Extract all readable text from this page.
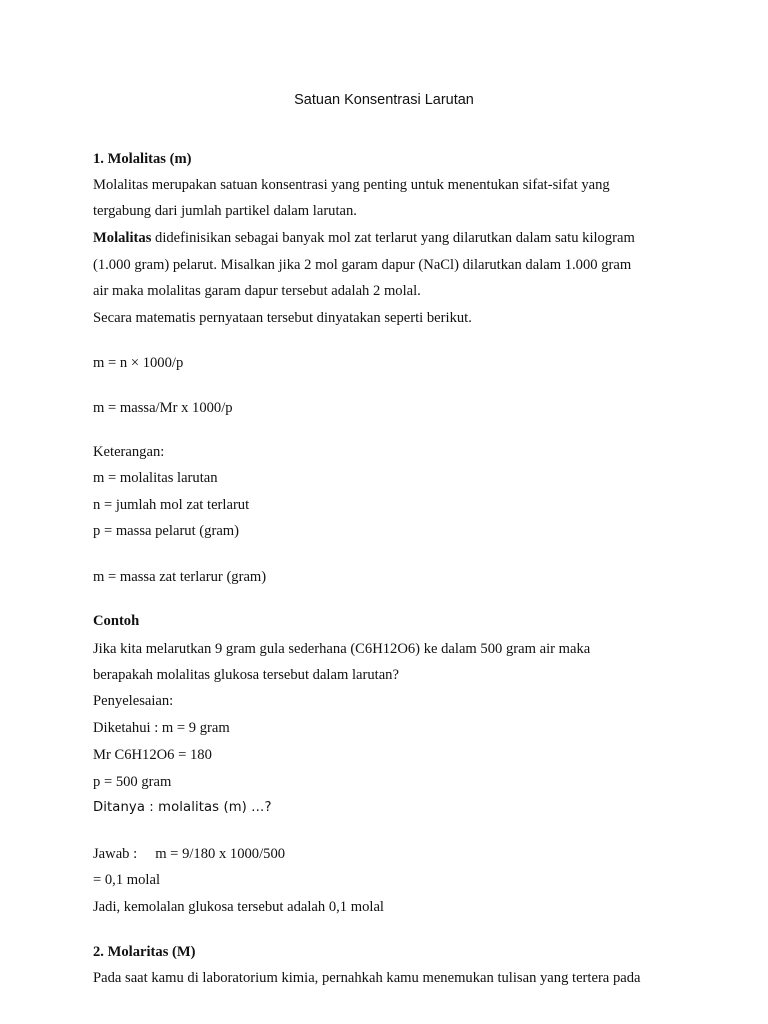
Satuan Konsentrasi Larutan
1. Molalitas (m)
Molalitas merupakan satuan konsentrasi yang penting untuk menentukan sifat-sifat yang
tergabung dari jumlah partikel dalam larutan.
Molalitas didefinisikan sebagai banyak mol zat terlarut yang dilarutkan dalam satu kilogram
(1.000 gram) pelarut. Misalkan jika 2 mol garam dapur (NaCl) dilarutkan dalam 1.000 gram
air maka molalitas garam dapur tersebut adalah 2 molal.
Secara matematis pernyataan tersebut dinyatakan seperti berikut.
m = n × 1000/p
m = massa/Mr x 1000/p
Keterangan:
m = molalitas larutan
n = jumlah mol zat terlarut
p = massa pelarut (gram)
m = massa zat terlarur (gram)
Contoh
Jika kita melarutkan 9 gram gula sederhana (C6H12O6) ke dalam 500 gram air maka
berapakah molalitas glukosa tersebut dalam larutan?
Penyelesaian:
Diketahui : m = 9 gram
Mr C6H12O6 = 180
p = 500 gram
Ditanya : molalitas (m) …?
Jawab : m = 9/180 x 1000/500
= 0,1 molal
Jadi, kemolalan glukosa tersebut adalah 0,1 molal
2. Molaritas (M)
Pada saat kamu di laboratorium kimia, pernahkah kamu menemukan tulisan yang tertera pada
